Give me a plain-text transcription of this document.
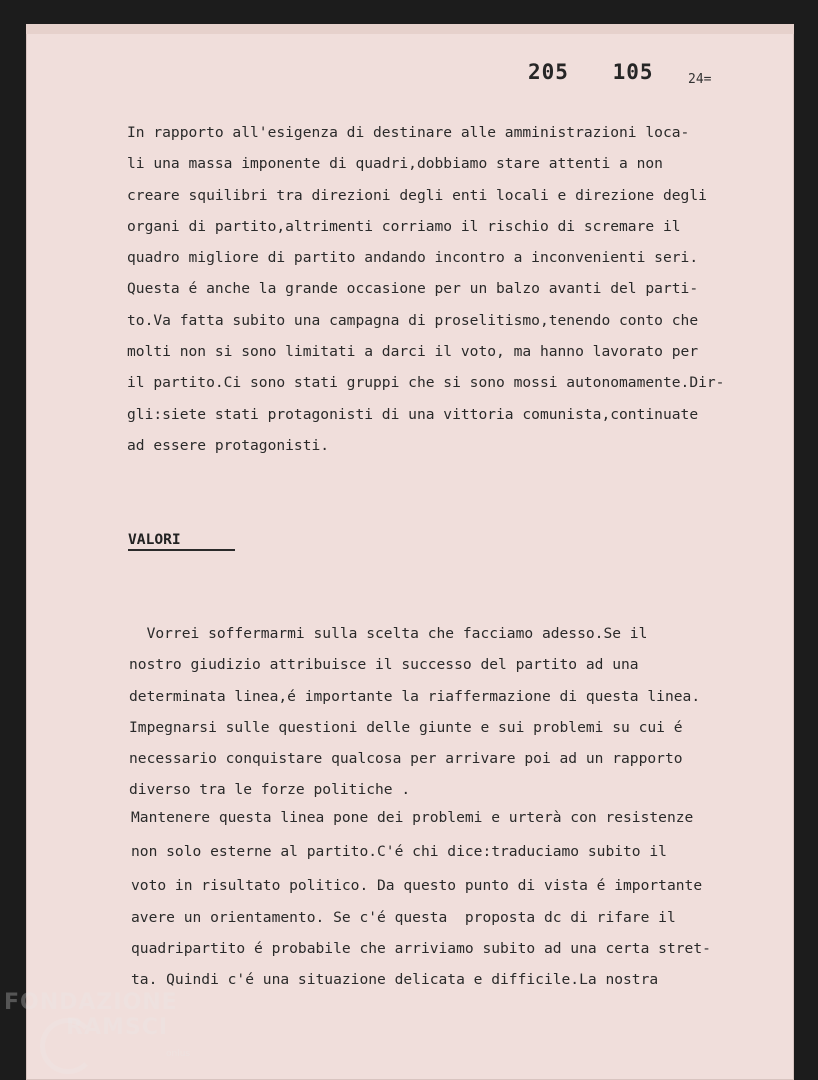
205 105	24=
In rapporto all'esigenza di destinare alle amministrazioni loca-
li una massa imponente di quadri,dobbiamo stare attenti a non
creare squilibri tra direzioni degli enti locali e direzione degli
organi di partito,altrimenti corriamo il rischio di scremare il
quadro migliore di partito andando incontro a inconvenienti seri.
Questa é anche la grande occasione per un balzo avanti del parti-
to.Va fatta subito una campagna di proselitismo,tenendo conto che
molti non si sono limitati a darci il voto, ma hanno lavorato per
il partito.Ci sono stati gruppi che si sono mossi autonomamente.Dir-
gli:siete stati protagonisti di una vittoria comunista,continuate
ad essere protagonisti.
VALORI
Vorrei soffermarmi sulla scelta che facciamo adesso.Se il
nostro giudizio attribuisce il successo del partito ad una
determinata linea,é importante la riaffermazione di questa linea.
Impegnarsi sulle questioni delle giunte e sui problemi su cui é
necessario conquistare qualcosa per arrivare poi ad un rapporto
diverso tra le forze politiche .
Mantenere questa linea pone dei problemi e urterà con resistenze
non solo esterne al partito.C'é chi dice:traduciamo subito il
voto in risultato politico. Da questo punto di vista é importante
avere un orientamento. Se c'é questa  proposta dc di rifare il
quadripartito é probabile che arriviamo subito ad una certa stret-
ta. Quindi c'é una situazione delicata e difficile.La nostra
FONDAZIONE
RAMSCI
onlus
